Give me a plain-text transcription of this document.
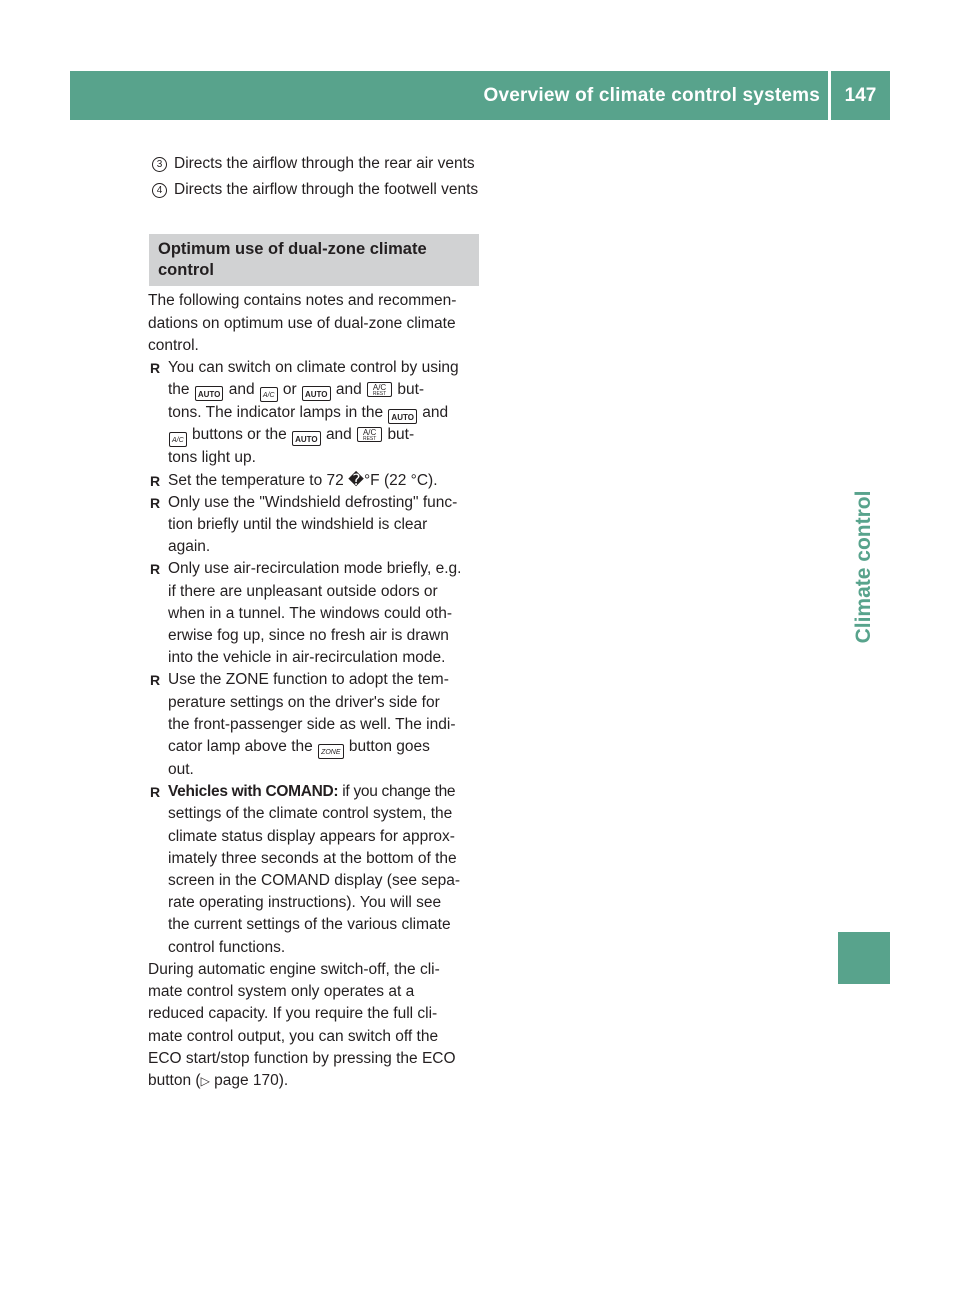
Overview of climate control systems	147
Climate control
3 Directs the airflow through the rear air vents
4 Directs the airflow through the footwell vents
Optimum use of dual-zone climate
control
The following contains notes and recommen-
dations on optimum use of dual-zone climate
control.
R You can switch on climate control by using
the AUTO and A/C or AUTO and	A/C
REST but-
tons. The indicator lamps in the AUTO and
A/C buttons or the AUTO and	A/C
REST but-
tons light up.
R Set the temperature to 72 �°F (22 °C).
R Only use the "Windshield defrosting" func-
tion briefly until the windshield is clear
again.
R Only use air-recirculation mode briefly, e.g.
if there are unpleasant outside odors or
when in a tunnel. The windows could oth-
erwise fog up, since no fresh air is drawn
into the vehicle in air-recirculation mode.
R Use the ZONE function to adopt the tem-
perature settings on the driver's side for
the front-passenger side as well. The indi-
cator lamp above the ZONE button goes
out.
R Vehicles with COMAND: if you change the
settings of the climate control system, the
climate status display appears for approx-
imately three seconds at the bottom of the
screen in the COMAND display (see sepa-
rate operating instructions). You will see
the current settings of the various climate
control functions.
During automatic engine switch-off, the cli-
mate control system only operates at a
reduced capacity. If you require the full cli-
mate control output, you can switch off the
ECO start/stop function by pressing the ECO
button (▷ page 170).
